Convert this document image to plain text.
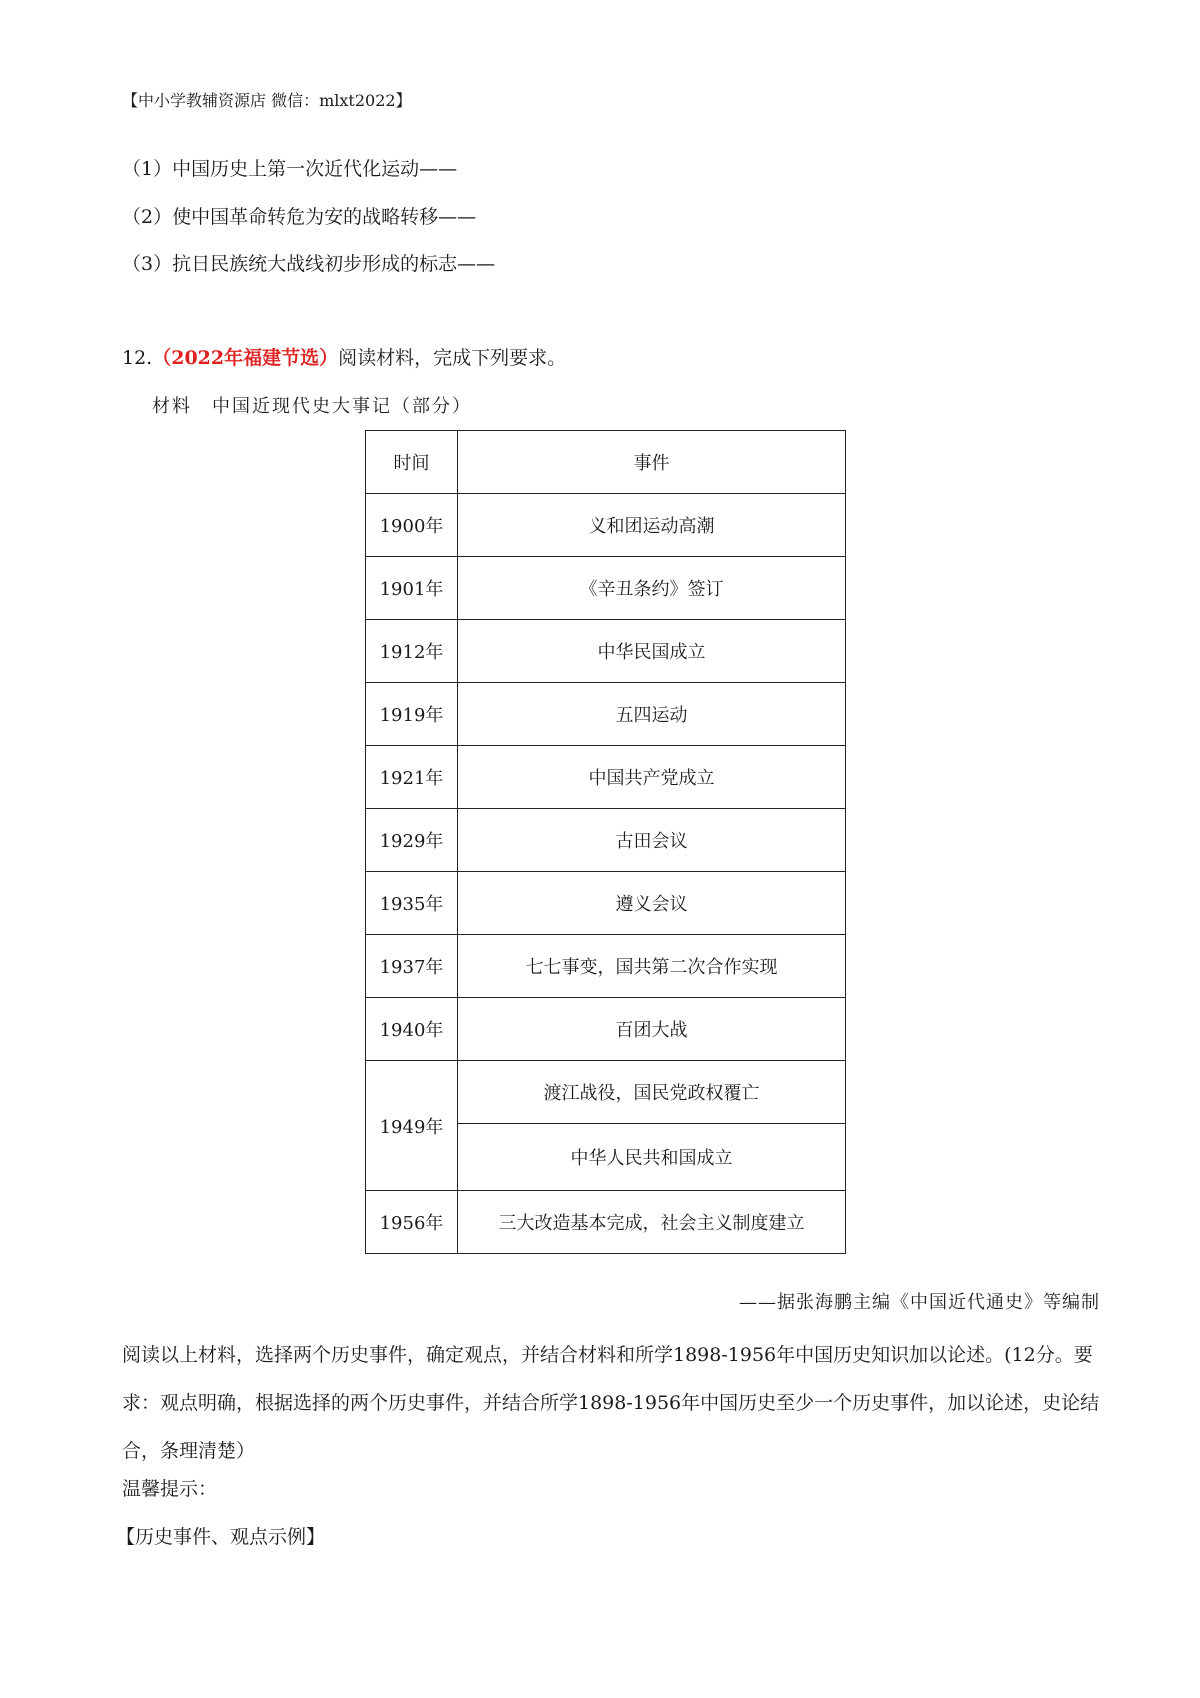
【中小学教辅资源店 微信：mlxt2022】
（1）中国历史上第一次近代化运动——
（2）使中国革命转危为安的战略转移——
（3）抗日民族统大战线初步形成的标志——
12.（2022年福建节选）阅读材料，完成下列要求。
材料　中国近现代史大事记（部分）
时间	事件
1900年	义和团运动高潮
1901年	《辛丑条约》签订
1912年	中华民国成立
1919年	五四运动
1921年	中国共产党成立
1929年	古田会议
1935年	遵义会议
1937年	七七事变，国共第二次合作实现
1940年	百团大战
1949年	渡江战役，国民党政权覆亡
	中华人民共和国成立
1956年	三大改造基本完成，社会主义制度建立
——据张海鹏主编《中国近代通史》等编制
阅读以上材料，选择两个历史事件，确定观点，并结合材料和所学1898-1956年中国历史知识加以论述。(12分。要求：观点明确，根据选择的两个历史事件，并结合所学1898-1956年中国历史至少一个历史事件，加以论述，史论结合，条理清楚）
温馨提示：
【历史事件、观点示例】
